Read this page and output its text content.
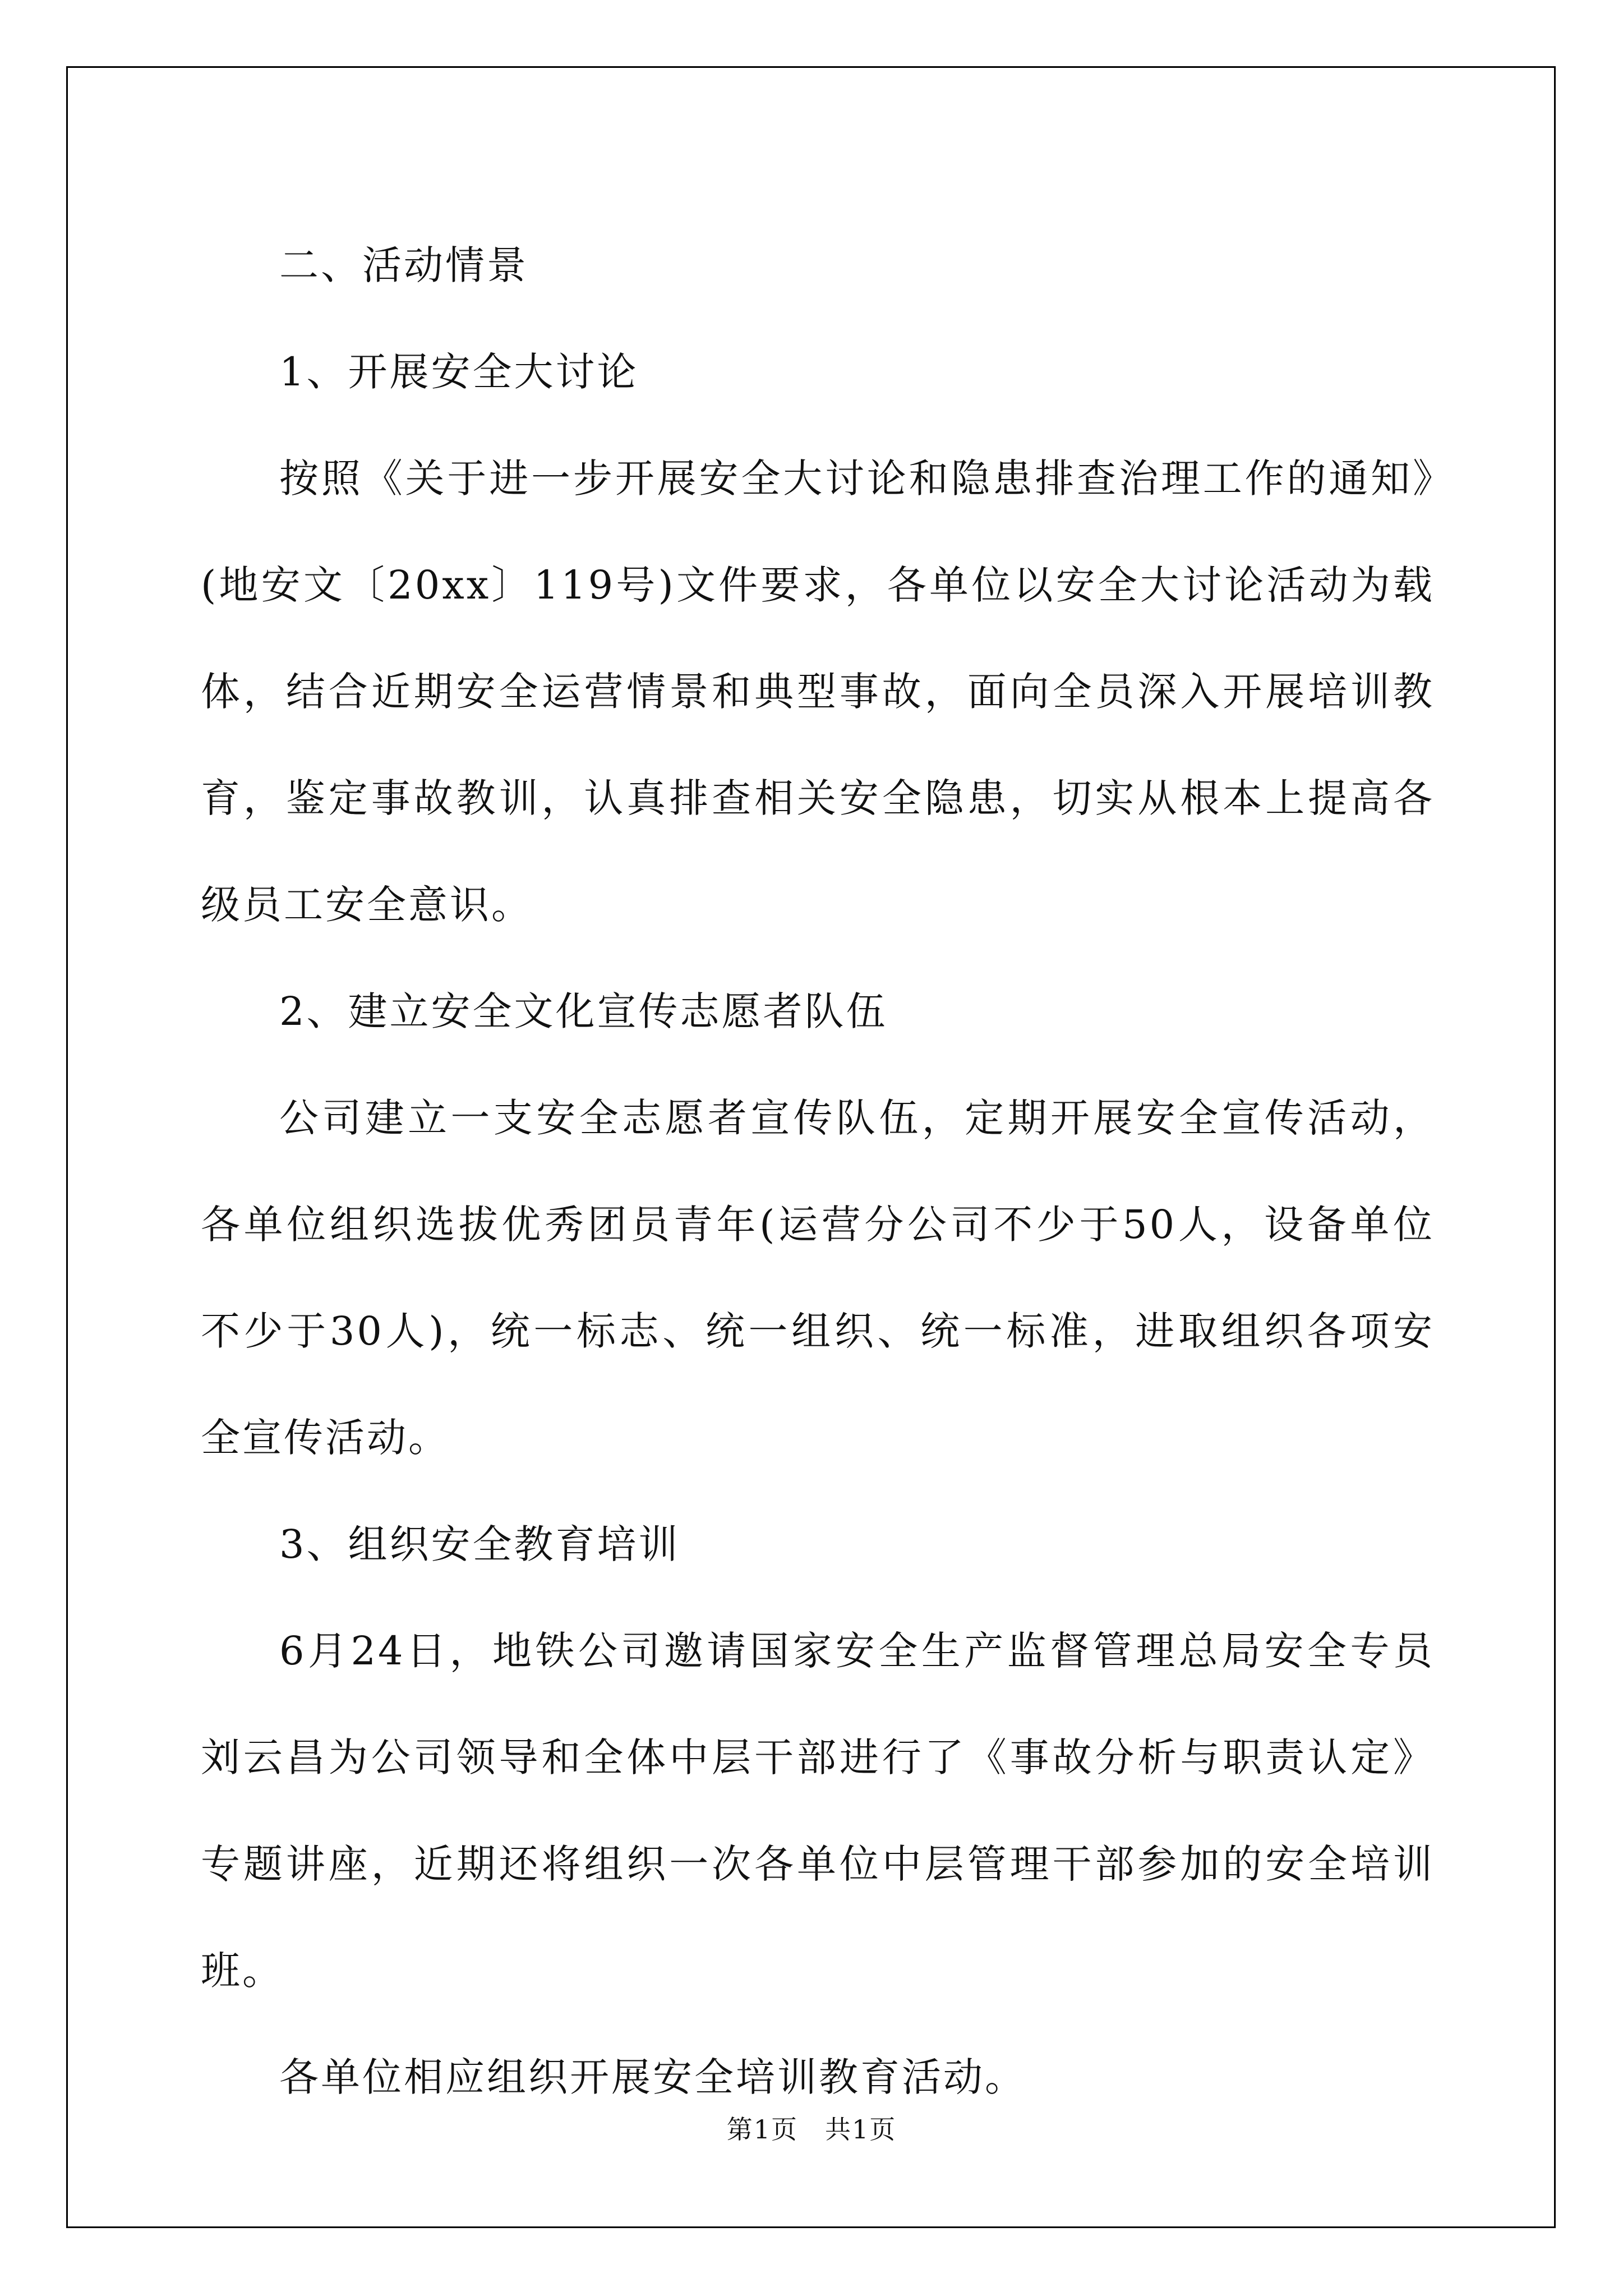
二、活动情景

1、开展安全大讨论

按照《关于进一步开展安全大讨论和隐患排查治理工作的通知》(地安文〔20xx〕119号)文件要求，各单位以安全大讨论活动为载体，结合近期安全运营情景和典型事故，面向全员深入开展培训教育，鉴定事故教训，认真排查相关安全隐患，切实从根本上提高各级员工安全意识。

2、建立安全文化宣传志愿者队伍

公司建立一支安全志愿者宣传队伍，定期开展安全宣传活动，各单位组织选拔优秀团员青年(运营分公司不少于50人，设备单位不少于30人)，统一标志、统一组织、统一标准，进取组织各项安全宣传活动。

3、组织安全教育培训

6月24日，地铁公司邀请国家安全生产监督管理总局安全专员刘云昌为公司领导和全体中层干部进行了《事故分析与职责认定》专题讲座，近期还将组织一次各单位中层管理干部参加的安全培训班。

各单位相应组织开展安全培训教育活动。

第1页　共1页
